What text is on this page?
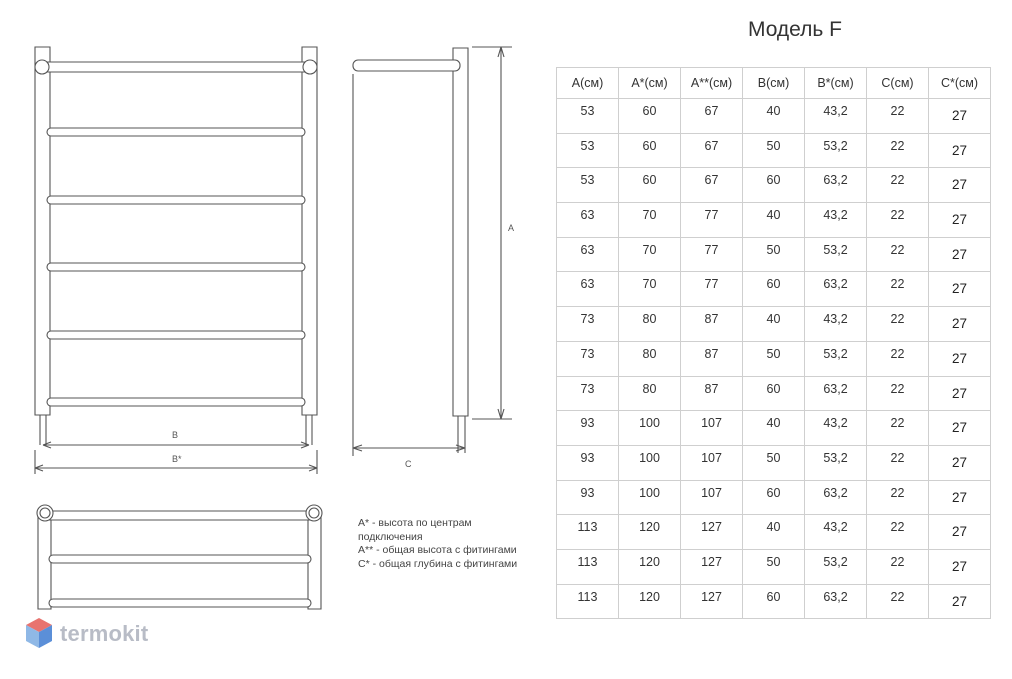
B
B*
A
C
Модель F
A(см)	A*(см)	A**(см)	B(см)	B*(см)	C(см)	C*(см)
53	60	67	40	43,2	22	27
53	60	67	50	53,2	22	27
53	60	67	60	63,2	22	27
63	70	77	40	43,2	22	27
63	70	77	50	53,2	22	27
63	70	77	60	63,2	22	27
73	80	87	40	43,2	22	27
73	80	87	50	53,2	22	27
73	80	87	60	63,2	22	27
93	100	107	40	43,2	22	27
93	100	107	50	53,2	22	27
93	100	107	60	63,2	22	27
113	120	127	40	43,2	22	27
113	120	127	50	53,2	22	27
113	120	127	60	63,2	22	27
A* - высота по центрам подключения
A** - общая высота с фитингами
C* - общая глубина с фитингами
termokit
